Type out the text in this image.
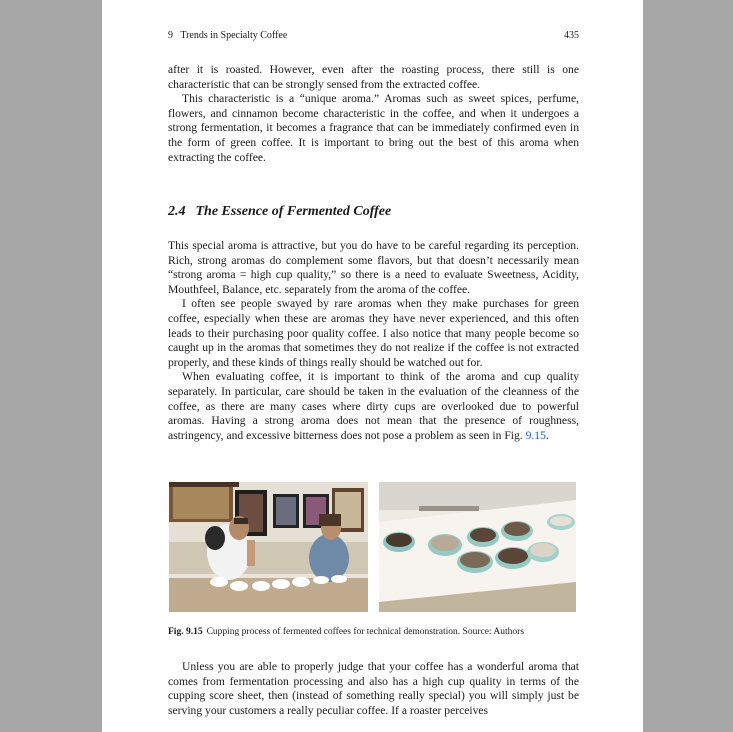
9   Trends in Specialty Coffee	435

after it is roasted. However, even after the roasting process, there still is one characteristic that can be strongly sensed from the extracted coffee.

This characteristic is a “unique aroma.” Aromas such as sweet spices, perfume, flowers, and cinnamon become characteristic in the coffee, and when it undergoes a strong fermentation, it becomes a fragrance that can be immediately confirmed even in the form of green coffee. It is important to bring out the best of this aroma when extracting the coffee.

2.4 The Essence of Fermented Coffee

This special aroma is attractive, but you do have to be careful regarding its perception. Rich, strong aromas do complement some flavors, but that doesn’t necessarily mean “strong aroma = high cup quality,” so there is a need to evaluate Sweetness, Acidity, Mouthfeel, Balance, etc. separately from the aroma of the coffee.

I often see people swayed by rare aromas when they make purchases for green coffee, especially when these are aromas they have never experienced, and this often leads to their purchasing poor quality coffee. I also notice that many people become so caught up in the aromas that sometimes they do not realize if the coffee is not extracted properly, and these kinds of things really should be watched out for.

When evaluating coffee, it is important to think of the aroma and cup quality separately. In particular, care should be taken in the evaluation of the cleanness of the coffee, as there are many cases where dirty cups are overlooked due to powerful aromas. Having a strong aroma does not mean that the presence of roughness, astringency, and excessive bitterness does not pose a problem as seen in Fig. 9.15.

Fig. 9.15 Cupping process of fermented coffees for technical demonstration. Source: Authors

Unless you are able to properly judge that your coffee has a wonderful aroma that comes from fermentation processing and also has a high cup quality in terms of the cupping score sheet, then (instead of something really special) you will simply just be serving your customers a really peculiar coffee. If a roaster perceives
